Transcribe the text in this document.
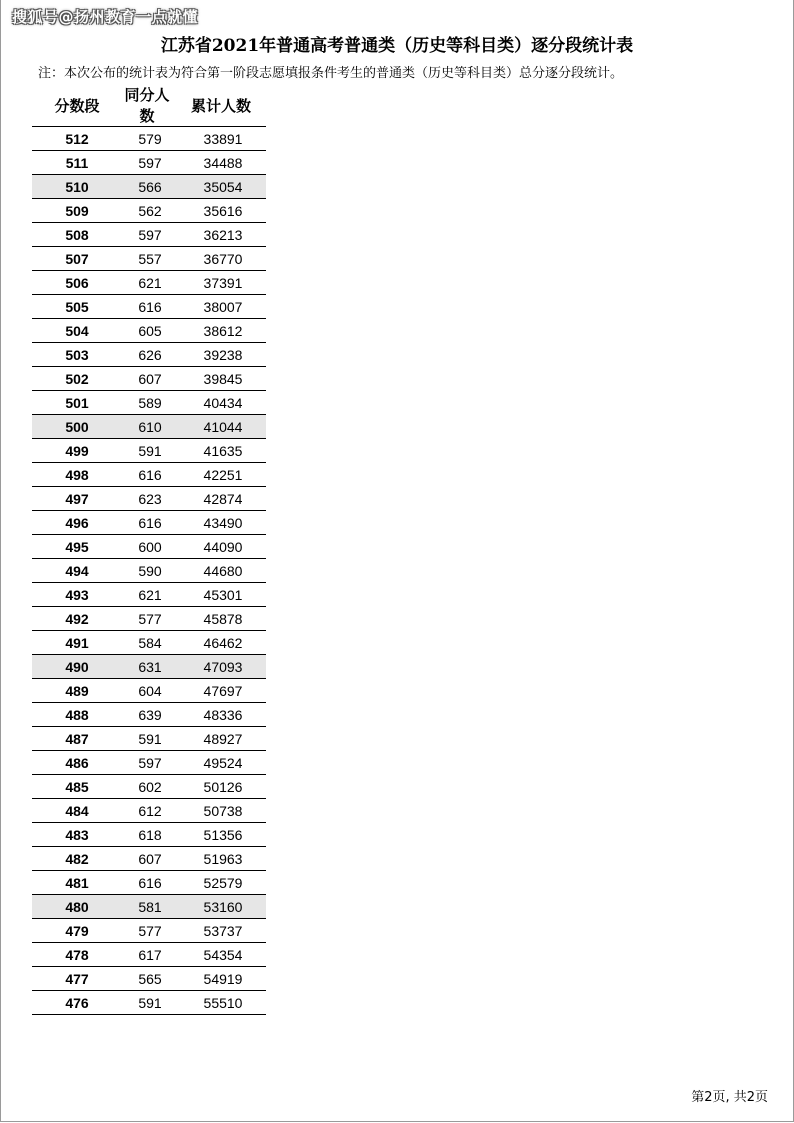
搜狐号@扬州教育一点就懂
江苏省2021年普通高考普通类（历史等科目类）逐分段统计表
注：本次公布的统计表为符合第一阶段志愿填报条件考生的普通类（历史等科目类）总分逐分段统计。
分数段	同分人数	累计人数
512	579	33891
511	597	34488
510	566	35054
509	562	35616
508	597	36213
507	557	36770
506	621	37391
505	616	38007
504	605	38612
503	626	39238
502	607	39845
501	589	40434
500	610	41044
499	591	41635
498	616	42251
497	623	42874
496	616	43490
495	600	44090
494	590	44680
493	621	45301
492	577	45878
491	584	46462
490	631	47093
489	604	47697
488	639	48336
487	591	48927
486	597	49524
485	602	50126
484	612	50738
483	618	51356
482	607	51963
481	616	52579
480	581	53160
479	577	53737
478	617	54354
477	565	54919
476	591	55510
第2页, 共2页
